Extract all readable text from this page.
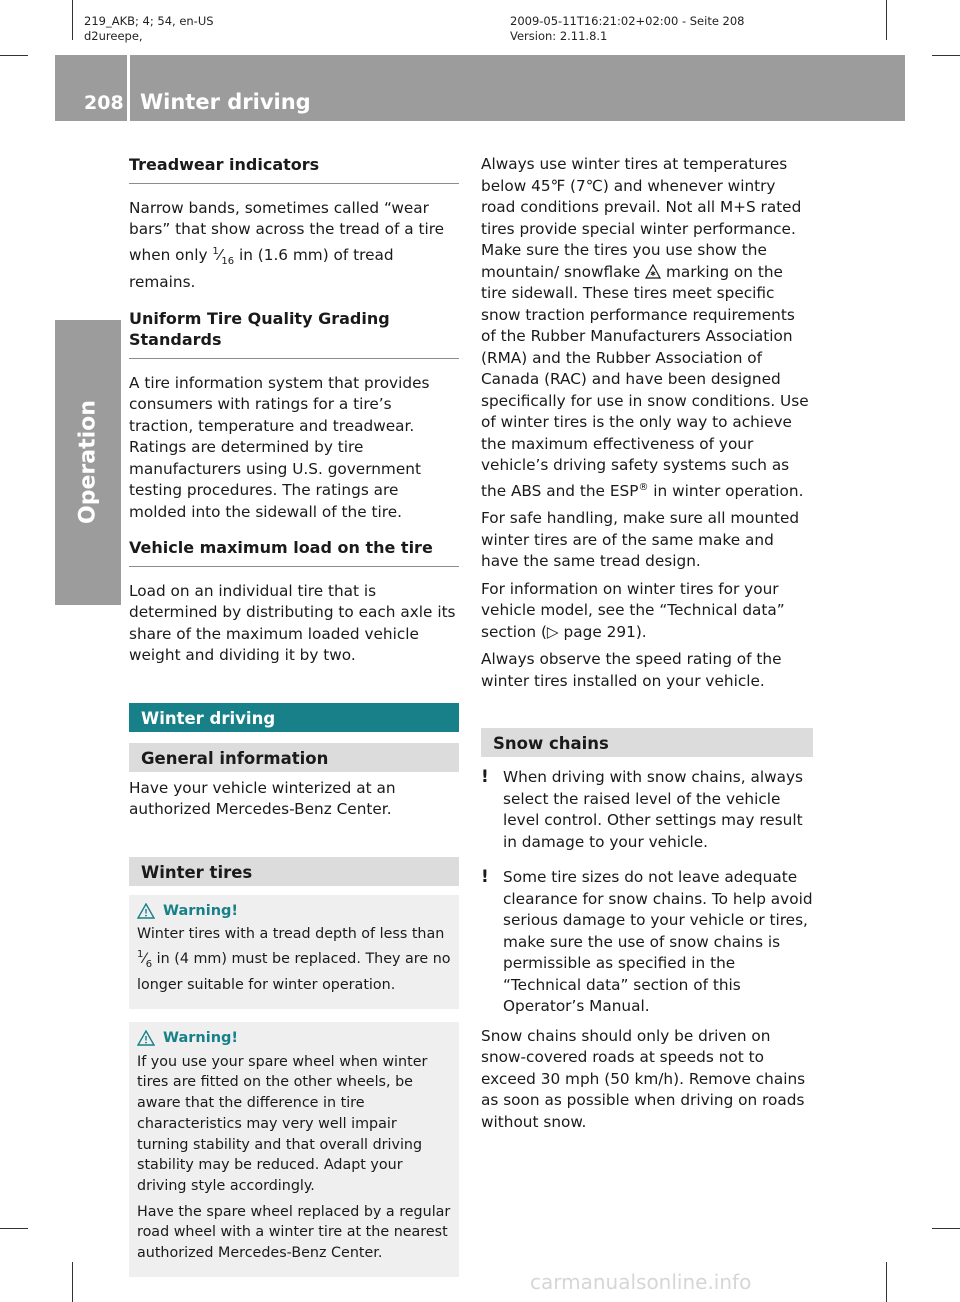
219_AKB; 4; 54, en-US
d2ureepe,
2009-05-11T16:21:02+02:00 - Seite 208
Version: 2.11.8.1
208 Winter driving
Operation
Treadwear indicators

Narrow bands, sometimes called “wear bars” that show across the tread of a tire when only $^1⁄_{16}$ in (1.6 mm) of tread remains.

Uniform Tire Quality Grading Standards

A tire information system that provides consumers with ratings for a tire’s traction, temperature and treadwear. Ratings are determined by tire manufacturers using U.S. government testing procedures. The ratings are molded into the sidewall of the tire.

Vehicle maximum load on the tire

Load on an individual tire that is determined by distributing to each axle its share of the maximum loaded vehicle weight and dividing it by two.

Winter driving
General information

Have your vehicle winterized at an authorized Mercedes-Benz Center.

Winter tires
Warning!

Winter tires with a tread depth of less than $^1⁄_6$ in (4 mm) must be replaced. They are no longer suitable for winter operation.

Warning!

If you use your spare wheel when winter tires are fitted on the other wheels, be aware that the difference in tire characteristics may very well impair turning stability and that overall driving stability may be reduced. Adapt your driving style accordingly.

Have the spare wheel replaced by a regular road wheel with a winter tire at the nearest authorized Mercedes-Benz Center.

Always use winter tires at temperatures below 45℉ (7℃) and whenever wintry road conditions prevail. Not all M+S rated tires provide special winter performance. Make sure the tires you use show the mountain/ snowflake  marking on the tire sidewall. These tires meet specific snow traction performance requirements of the Rubber Manufacturers Association (RMA) and the Rubber Association of Canada (RAC) and have been designed specifically for use in snow conditions. Use of winter tires is the only way to achieve the maximum effectiveness of your vehicle’s driving safety systems such as the ABS and the ESP® in winter operation.

For safe handling, make sure all mounted winter tires are of the same make and have the same tread design.

For information on winter tires for your vehicle model, see the “Technical data” section (▷ page 291).

Always observe the speed rating of the winter tires installed on your vehicle.

Snow chains
! When driving with snow chains, always select the raised level of the vehicle level control. Other settings may result in damage to your vehicle.
! Some tire sizes do not leave adequate clearance for snow chains. To help avoid serious damage to your vehicle or tires, make sure the use of snow chains is permissible as specified in the “Technical data” section of this Operator’s Manual.

Snow chains should only be driven on snow-covered roads at speeds not to exceed 30 mph (50 km/h). Remove chains as soon as possible when driving on roads without snow.

carmanualsonline.info
